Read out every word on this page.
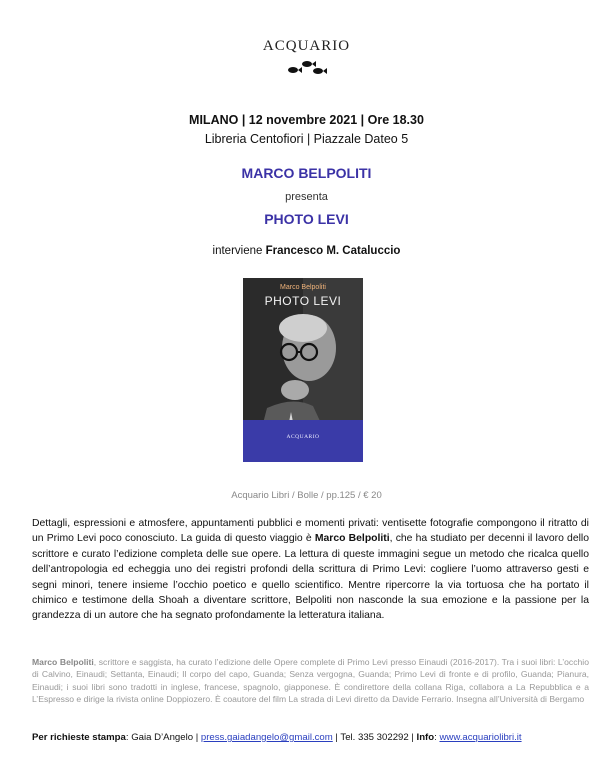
ACQUARIO
MILANO | 12 novembre 2021 | Ore 18.30
Libreria Centofiori | Piazzale Dateo 5
MARCO BELPOLITI
presenta
PHOTO LEVI
interviene Francesco M. Cataluccio
Marco Belpoliti
PHOTO LEVI
ACQUARIO
Acquario Libri / Bolle / pp.125 / € 20
Dettagli, espressioni e atmosfere, appuntamenti pubblici e momenti privati: ventisette fotografie compongono il ritratto di un Primo Levi poco conosciuto. La guida di questo viaggio è Marco Belpoliti, che ha studiato per decenni il lavoro dello scrittore e curato l’edizione completa delle sue opere. La lettura di queste immagini segue un metodo che ricalca quello dell’antropologia ed echeggia uno dei registri profondi della scrittura di Primo Levi: cogliere l’uomo attraverso gesti e segni minori, tenere insieme l’occhio poetico e quello scientifico. Mentre ripercorre la via tortuosa che ha portato il chimico e testimone della Shoah a diventare scrittore, Belpoliti non nasconde la sua emozione e la passione per la grandezza di un autore che ha segnato profondamente la letteratura italiana.
Marco Belpoliti, scrittore e saggista, ha curato l’edizione delle Opere complete di Primo Levi presso Einaudi (2016-2017). Tra i suoi libri: L’occhio di Calvino, Einaudi; Settanta, Einaudi; Il corpo del capo, Guanda; Senza vergogna, Guanda; Primo Levi di fronte e di profilo, Guanda; Pianura, Einaudi; i suoi libri sono tradotti in inglese, francese, spagnolo, giapponese. È condirettore della collana Riga, collabora a La Repubblica e a L’Espresso e dirige la rivista online Doppiozero. È coautore del film La strada di Levi diretto da Davide Ferrario. Insegna all’Università di Bergamo
Per richieste stampa: Gaia D’Angelo | press.gaiadangelo@gmail.com | Tel. 335 302292 | Info: www.acquariolibri.it
